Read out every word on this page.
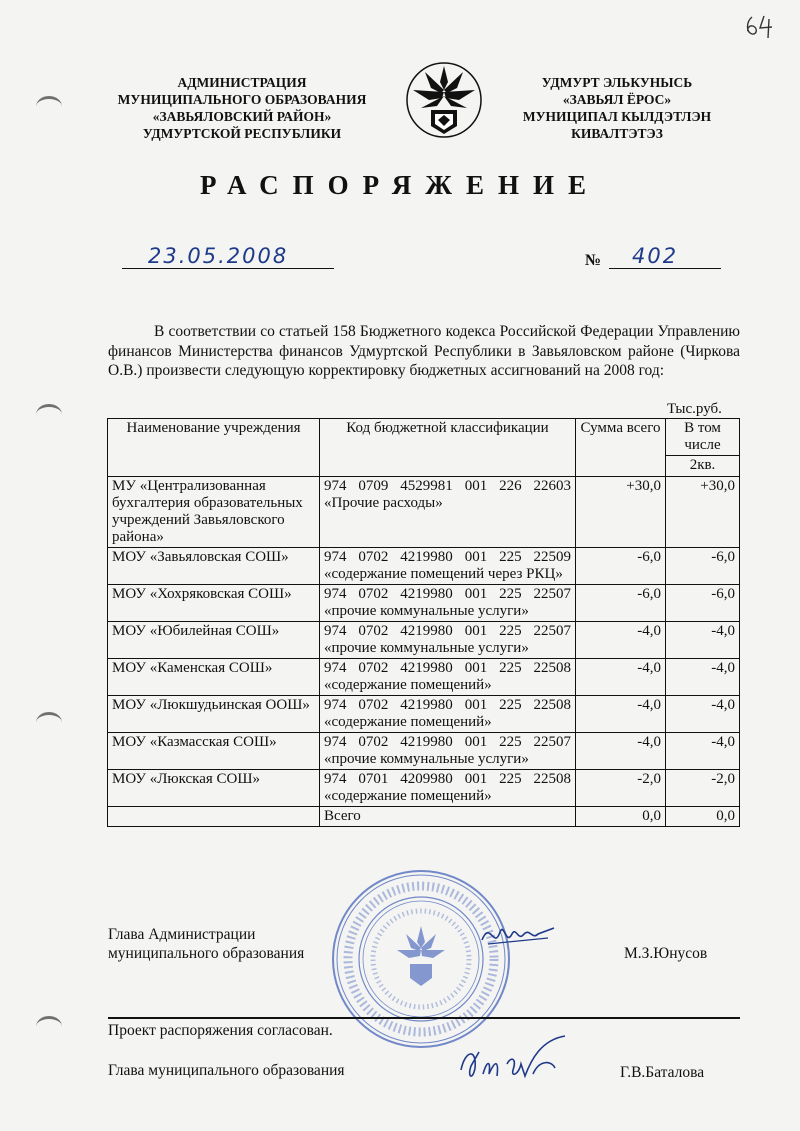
АДМИНИСТРАЦИЯ
МУНИЦИПАЛЬНОГО ОБРАЗОВАНИЯ
«ЗАВЬЯЛОВСКИЙ РАЙОН»
УДМУРТСКОЙ РЕСПУБЛИКИ
УДМУРТ ЭЛЬКУНЫСЬ
«ЗАВЬЯЛ ЁРОС»
МУНИЦИПАЛ КЫЛДЭТЛЭН
КИВАЛТЭТЭЗ
РАСПОРЯЖЕНИЕ
23.05.2008	№ 402
В соответствии со статьей 158 Бюджетного кодекса Российской Федерации Управлению финансов Министерства финансов Удмуртской Республики в Завьяловском районе (Чиркова О.В.) произвести следующую корректировку бюджетных ассигнований на 2008 год:
Тыс.руб.
Наименование учреждения	Код бюджетной классификации	Сумма всего	В том числе
			2кв.
МУ «Централизованная бухгалтерия образовательных учреждений Завьяловского района»	974 0709 4529981 001 226 22603 «Прочие расходы»	+30,0	+30,0
МОУ «Завьяловская СОШ»	974 0702 4219980 001 225 22509 «содержание помещений через РКЦ»	-6,0	-6,0
МОУ «Хохряковская СОШ»	974 0702 4219980 001 225 22507 «прочие коммунальные услуги»	-6,0	-6,0
МОУ «Юбилейная СОШ»	974 0702 4219980 001 225 22507 «прочие коммунальные услуги»	-4,0	-4,0
МОУ «Каменская СОШ»	974 0702 4219980 001 225 22508 «содержание помещений»	-4,0	-4,0
МОУ «Люкшудьинская ООШ»	974 0702 4219980 001 225 22508 «содержание помещений»	-4,0	-4,0
МОУ «Казмасская СОШ»	974 0702 4219980 001 225 22507 «прочие коммунальные услуги»	-4,0	-4,0
МОУ «Люкская СОШ»	974 0701 4209980 001 225 22508 «содержание помещений»	-2,0	-2,0
	Всего	0,0	0,0
Глава Администрации
муниципального образования	М.З.Юнусов
Проект распоряжения согласован.
Глава муниципального образования	Г.В.Баталова
